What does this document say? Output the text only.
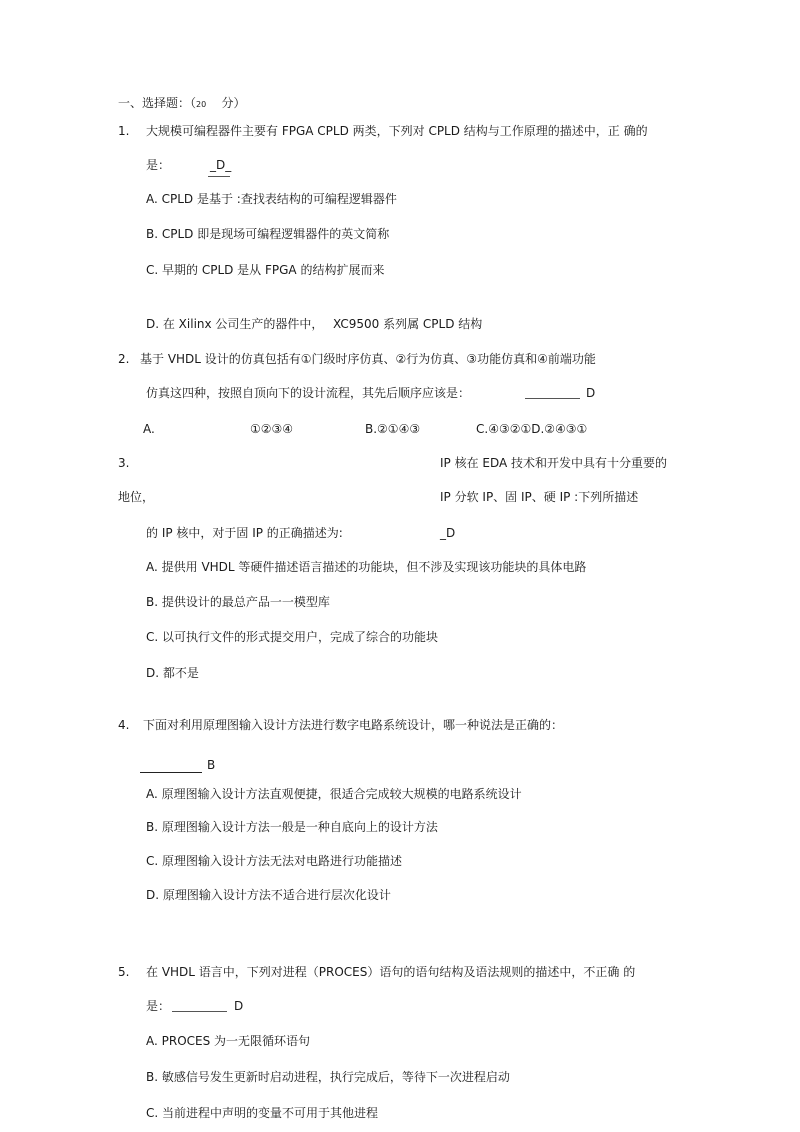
一、选择题：（20 分）
1. 大规模可编程器件主要有 FPGA CPLD 两类，下列对 CPLD 结构与工作原理的描述中，正 确的
是：	_D_
A. CPLD 是基于 :查找表结构的可编程逻辑器件
B. CPLD 即是现场可编程逻辑器件的英文简称
C. 早期的 CPLD 是从 FPGA 的结构扩展而来
D. 在 Xilinx 公司生产的器件中， XC9500 系列属 CPLD 结构
2. 基于 VHDL 设计的仿真包括有①门级时序仿真、②行为仿真、③功能仿真和④前端功能
仿真这四种，按照自顶向下的设计流程，其先后顺序应该是：	D
A.	①②③④	B.②①④③	C.④③②①D.②④③①
3.	IP 核在 EDA 技术和开发中具有十分重要的
地位，	IP 分软 IP、固 IP、硬 IP :下列所描述
的 IP 核中，对于固 IP 的正确描述为:	_D
A. 提供用 VHDL 等硬件描述语言描述的功能块，但不涉及实现该功能块的具体电路
B. 提供设计的最总产品一一模型库
C. 以可执行文件的形式提交用户，完成了综合的功能块
D. 都不是
4. 下面对利用原理图输入设计方法进行数字电路系统设计，哪一种说法是正确的：
B
A. 原理图输入设计方法直观便捷，很适合完成较大规模的电路系统设计
B. 原理图输入设计方法一般是一种自底向上的设计方法
C. 原理图输入设计方法无法对电路进行功能描述
D. 原理图输入设计方法不适合进行层次化设计
5. 在 VHDL 语言中，下列对进程（PROCES）语句的语句结构及语法规则的描述中，不正确 的
是：	D
A. PROCES 为一无限循环语句
B. 敏感信号发生更新时启动进程，执行完成后，等待下一次进程启动
C. 当前进程中声明的变量不可用于其他进程
